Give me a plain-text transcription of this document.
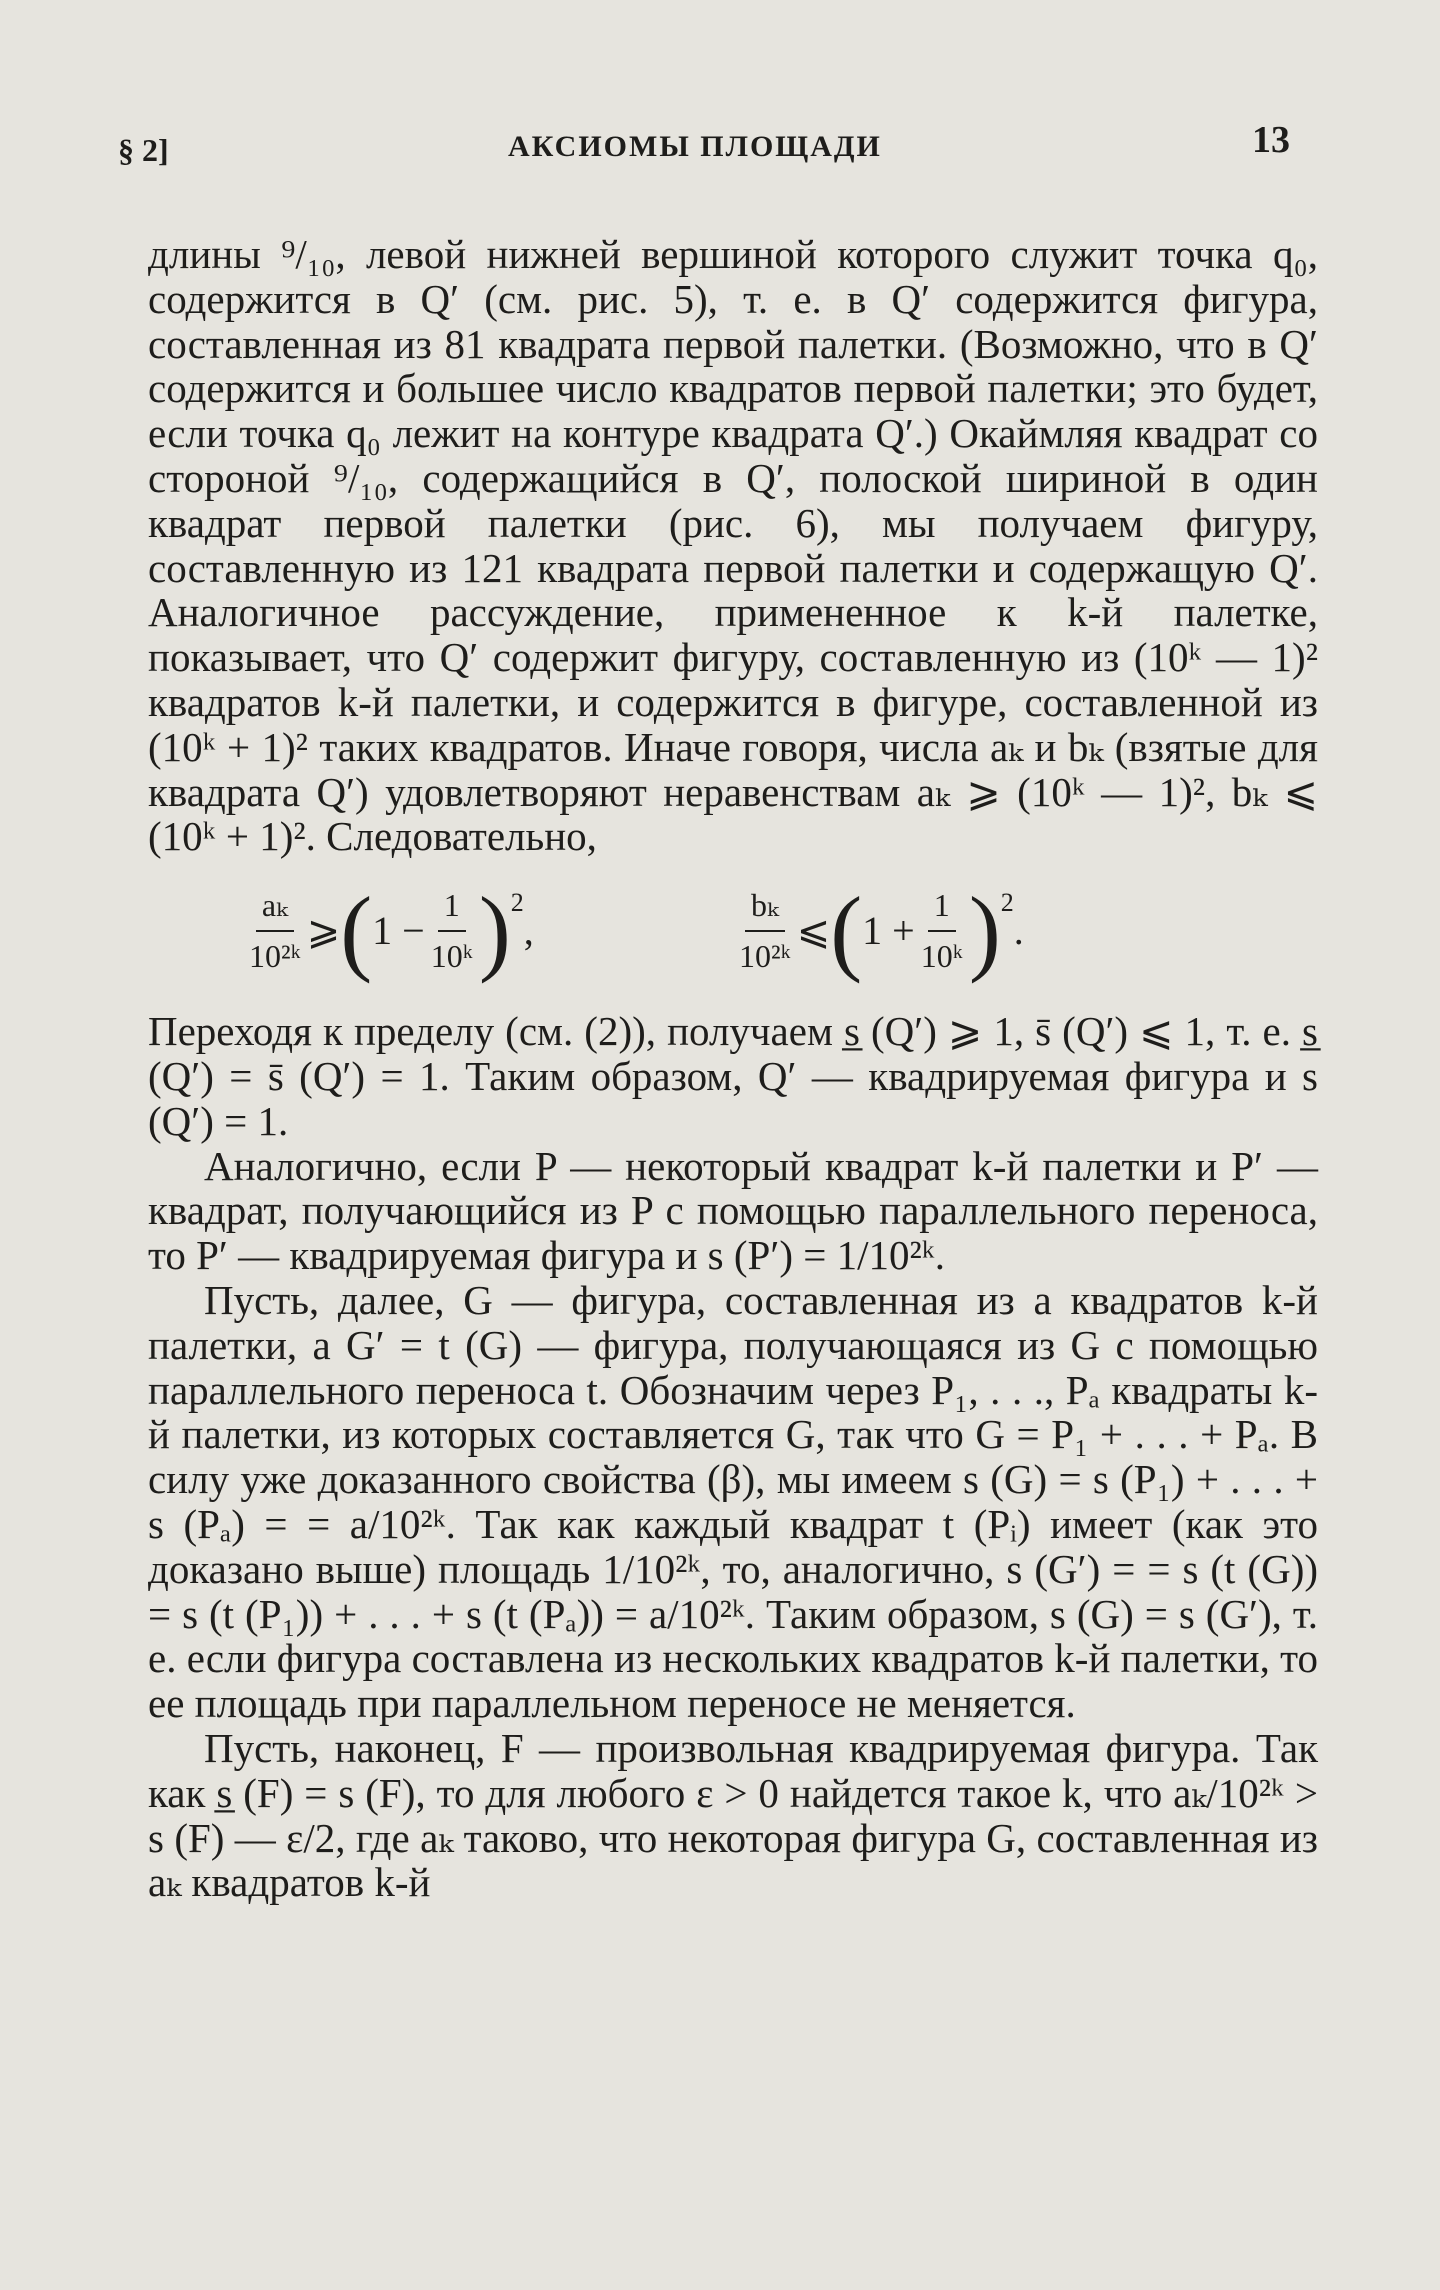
§ 2]	АКСИОМЫ ПЛОЩАДИ	13

длины ⁹/₁₀, левой нижней вершиной которого служит точка q₀, содержится в Q′ (см. рис. 5), т. е. в Q′ содержится фигура, составленная из 81 квадрата первой палетки. (Возможно, что в Q′ содержится и большее число квадратов первой палетки; это будет, если точка q₀ лежит на контуре квадрата Q′.) Окаймляя квадрат со стороной ⁹/₁₀, содержащийся в Q′, полоской шириной в один квадрат первой палетки (рис. 6), мы получаем фигуру, составленную из 121 квадрата первой палетки и содержащую Q′. Аналогичное рассуждение, примененное к k-й палетке, показывает, что Q′ содержит фигуру, составленную из (10ᵏ — 1)² квадратов k-й палетки, и содержится в фигуре, составленной из (10ᵏ + 1)² таких квадратов. Иначе говоря, числа aₖ и bₖ (взятые для квадрата Q′) удовлетворяют неравенствам aₖ ⩾ (10ᵏ — 1)², bₖ ⩽ (10ᵏ + 1)². Следовательно,

$\frac{\text{aₖ}}{\text{10²ᵏ}}$ ⩾ ( $1 - \frac{1}{\text{10ᵏ}}$ ) 2
,	$\frac{\text{bₖ}}{\text{10²ᵏ}}$ ⩽ ( $1 + \frac{1}{\text{10ᵏ}}$ ) 2
.

Переходя к пределу (см. (2)), получаем s̲ (Q′) ⩾ 1, s̄ (Q′) ⩽ 1, т. е. s̲ (Q′) = s̄ (Q′) = 1. Таким образом, Q′ — квадрируемая фигура и s (Q′) = 1.

Аналогично, если P — некоторый квадрат k-й палетки и P′ — квадрат, получающийся из P с помощью параллельного переноса, то P′ — квадрируемая фигура и s (P′) = 1/10²ᵏ.

Пусть, далее, G — фигура, составленная из a квадратов k-й палетки, а G′ = t (G) — фигура, получающаяся из G с помощью параллельного переноса t. Обозначим через P₁, . . ., Pₐ квадраты k-й палетки, из которых составляется G, так что G = P₁ + . . . + Pₐ. В силу уже доказанного свойства (β), мы имеем s (G) = s (P₁) + . . . + s (Pₐ) = = a/10²ᵏ. Так как каждый квадрат t (Pᵢ) имеет (как это доказано выше) площадь 1/10²ᵏ, то, аналогично, s (G′) = = s (t (G)) = s (t (P₁)) + . . . + s (t (Pₐ)) = a/10²ᵏ. Таким образом, s (G) = s (G′), т. е. если фигура составлена из нескольких квадратов k-й палетки, то ее площадь при параллельном переносе не меняется.

Пусть, наконец, F — произвольная квадрируемая фигура. Так как s̲ (F) = s (F), то для любого ε > 0 найдется такое k, что aₖ/10²ᵏ > s (F) — ε/2, где aₖ таково, что некоторая фигура G, составленная из aₖ квадратов k-й
